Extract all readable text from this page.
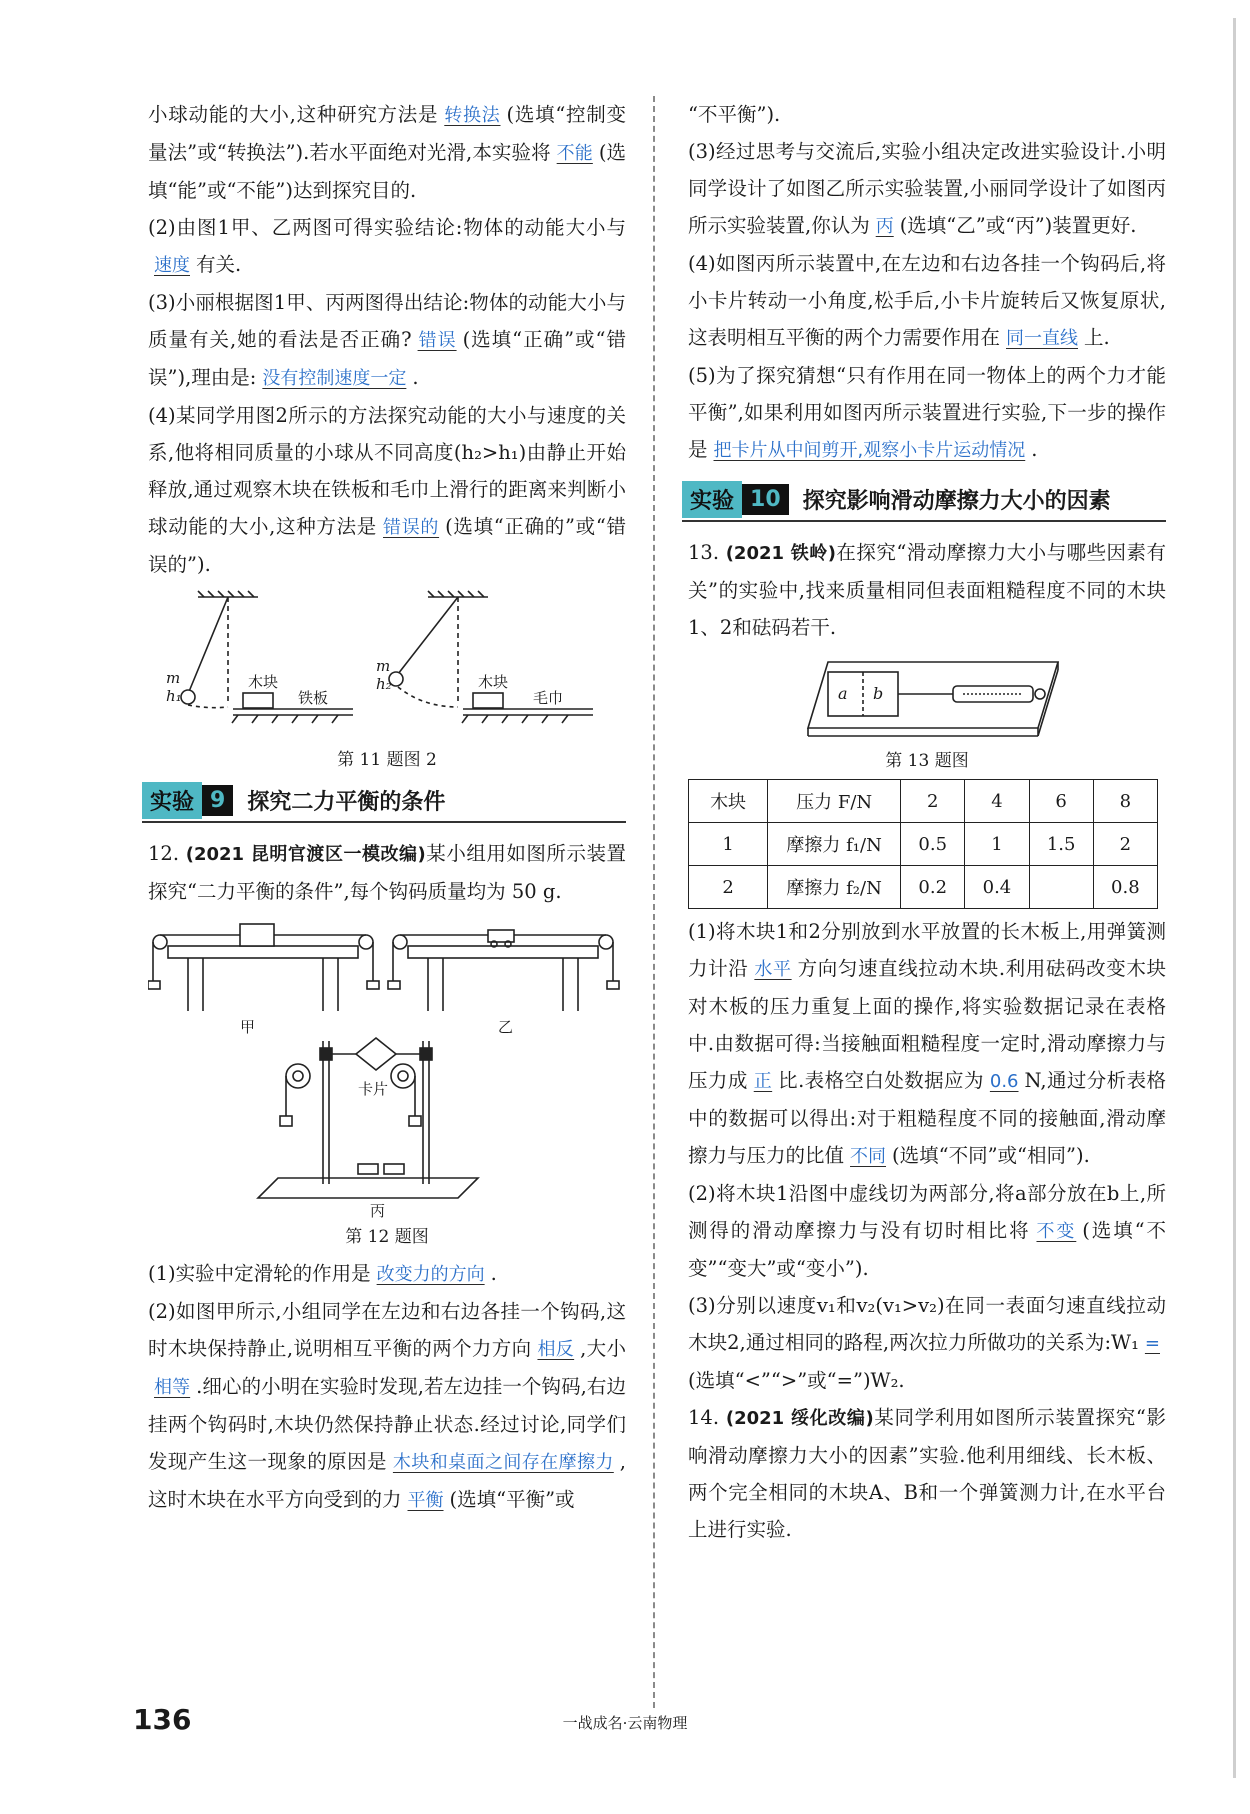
小球动能的大小,这种研究方法是 转换法 (选填“控制变量法”或“转换法”).若水平面绝对光滑,本实验将 不能 (选填“能”或“不能”)达到探究目的.

(2)由图1甲、乙两图可得实验结论:物体的动能大小与速度 有关.

(3)小丽根据图1甲、丙两图得出结论:物体的动能大小与质量有关,她的看法是否正确? 错误 (选填“正确”或“错误”),理由是: 没有控制速度一定 .

(4)某同学用图2所示的方法探究动能的大小与速度的关系,他将相同质量的小球从不同高度(h₂>h₁)由静止开始释放,通过观察木块在铁板和毛巾上滑行的距离来判断小球动能的大小,这种方法是 错误的 (选填“正确的”或“错误的”).

m
h₁
木块
铁板
m
h₂	木块
毛巾
第 11 题图 2
实验 9	探究二力平衡的条件

12. (2021 昆明官渡区一模改编)某小组用如图所示装置探究“二力平衡的条件”,每个钩码质量均为 50 g.

甲	乙
卡片
丙
第 12 题图

(1)实验中定滑轮的作用是 改变力的方向 .

(2)如图甲所示,小组同学在左边和右边各挂一个钩码,这时木块保持静止,说明相互平衡的两个力方向 相反 ,大小相等 .细心的小明在实验时发现,若左边挂一个钩码,右边挂两个钩码时,木块仍然保持静止状态.经过讨论,同学们发现产生这一现象的原因是 木块和桌面之间存在摩擦力 ,这时木块在水平方向受到的力 平衡 (选填“平衡”或

“不平衡”).

(3)经过思考与交流后,实验小组决定改进实验设计.小明同学设计了如图乙所示实验装置,小丽同学设计了如图丙所示实验装置,你认为 丙 (选填“乙”或“丙”)装置更好.

(4)如图丙所示装置中,在左边和右边各挂一个钩码后,将小卡片转动一小角度,松手后,小卡片旋转后又恢复原状,这表明相互平衡的两个力需要作用在 同一直线 上.

(5)为了探究猜想“只有作用在同一物体上的两个力才能平衡”,如果利用如图丙所示装置进行实验,下一步的操作是 把卡片从中间剪开,观察小卡片运动情况 .

实验 10	探究影响滑动摩擦力大小的因素

13. (2021 铁岭)在探究“滑动摩擦力大小与哪些因素有关”的实验中,找来质量相同但表面粗糙程度不同的木块1、2和砝码若干.

a b
第 13 题图
木块	压力 F/N	2	4	6	8
1	摩擦力 f₁/N	0.5	1	1.5	2
2	摩擦力 f₂/N	0.2	0.4		0.8

(1)将木块1和2分别放到水平放置的长木板上,用弹簧测力计沿 水平 方向匀速直线拉动木块.利用砝码改变木块对木板的压力重复上面的操作,将实验数据记录在表格中.由数据可得:当接触面粗糙程度一定时,滑动摩擦力与压力成 正 比.表格空白处数据应为 0.6 N,通过分析表格中的数据可以得出:对于粗糙程度不同的接触面,滑动摩擦力与压力的比值 不同 (选填“不同”或“相同”).

(2)将木块1沿图中虚线切为两部分,将a部分放在b上,所测得的滑动摩擦力与没有切时相比将 不变 (选填“不变”“变大”或“变小”).

(3)分别以速度v₁和v₂(v₁>v₂)在同一表面匀速直线拉动木块2,通过相同的路程,两次拉力所做功的关系为:W₁ =(选填“<”“>”或“=”)W₂.

14. (2021 绥化改编)某同学利用如图所示装置探究“影响滑动摩擦力大小的因素”实验.他利用细线、长木板、两个完全相同的木块A、B和一个弹簧测力计,在水平台上进行实验.

136	一战成名·云南物理
